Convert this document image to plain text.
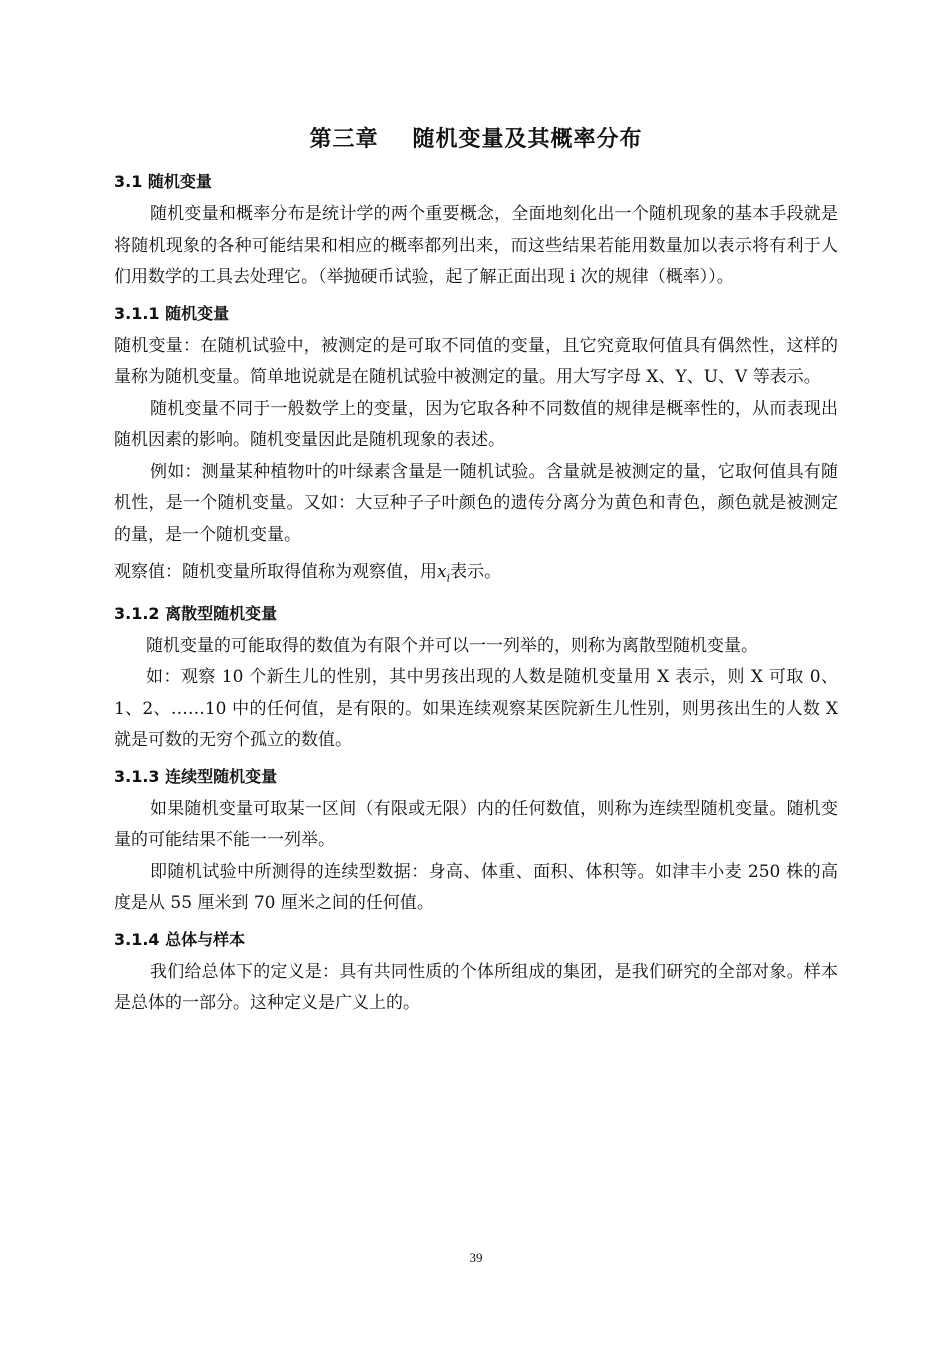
第三章 随机变量及其概率分布
3.1 随机变量

随机变量和概率分布是统计学的两个重要概念，全面地刻化出一个随机现象的基本手段就是将随机现象的各种可能结果和相应的概率都列出来，而这些结果若能用数量加以表示将有利于人们用数学的工具去处理它。（举抛硬币试验，起了解正面出现 i 次的规律（概率））。

3.1.1 随机变量

随机变量：在随机试验中，被测定的是可取不同值的变量，且它究竟取何值具有偶然性，这样的量称为随机变量。简单地说就是在随机试验中被测定的量。用大写字母 X、Y、U、V 等表示。

随机变量不同于一般数学上的变量，因为它取各种不同数值的规律是概率性的，从而表现出随机因素的影响。随机变量因此是随机现象的表述。

例如：测量某种植物叶的叶绿素含量是一随机试验。含量就是被测定的量，它取何值具有随机性，是一个随机变量。又如：大豆种子子叶颜色的遗传分离分为黄色和青色，颜色就是被测定的量，是一个随机变量。

观察值：随机变量所取得值称为观察值，用$x_i$表示。

3.1.2 离散型随机变量

随机变量的可能取得的数值为有限个并可以一一列举的，则称为离散型随机变量。

如：观察 10 个新生儿的性别，其中男孩出现的人数是随机变量用 X 表示，则 X 可取 0、1、2、……10 中的任何值，是有限的。如果连续观察某医院新生儿性别，则男孩出生的人数 X 就是可数的无穷个孤立的数值。

3.1.3 连续型随机变量

如果随机变量可取某一区间（有限或无限）内的任何数值，则称为连续型随机变量。随机变量的可能结果不能一一列举。

即随机试验中所测得的连续型数据：身高、体重、面积、体积等。如津丰小麦 250 株的高度是从 55 厘米到 70 厘米之间的任何值。

3.1.4 总体与样本

我们给总体下的定义是：具有共同性质的个体所组成的集团，是我们研究的全部对象。样本是总体的一部分。这种定义是广义上的。

39
